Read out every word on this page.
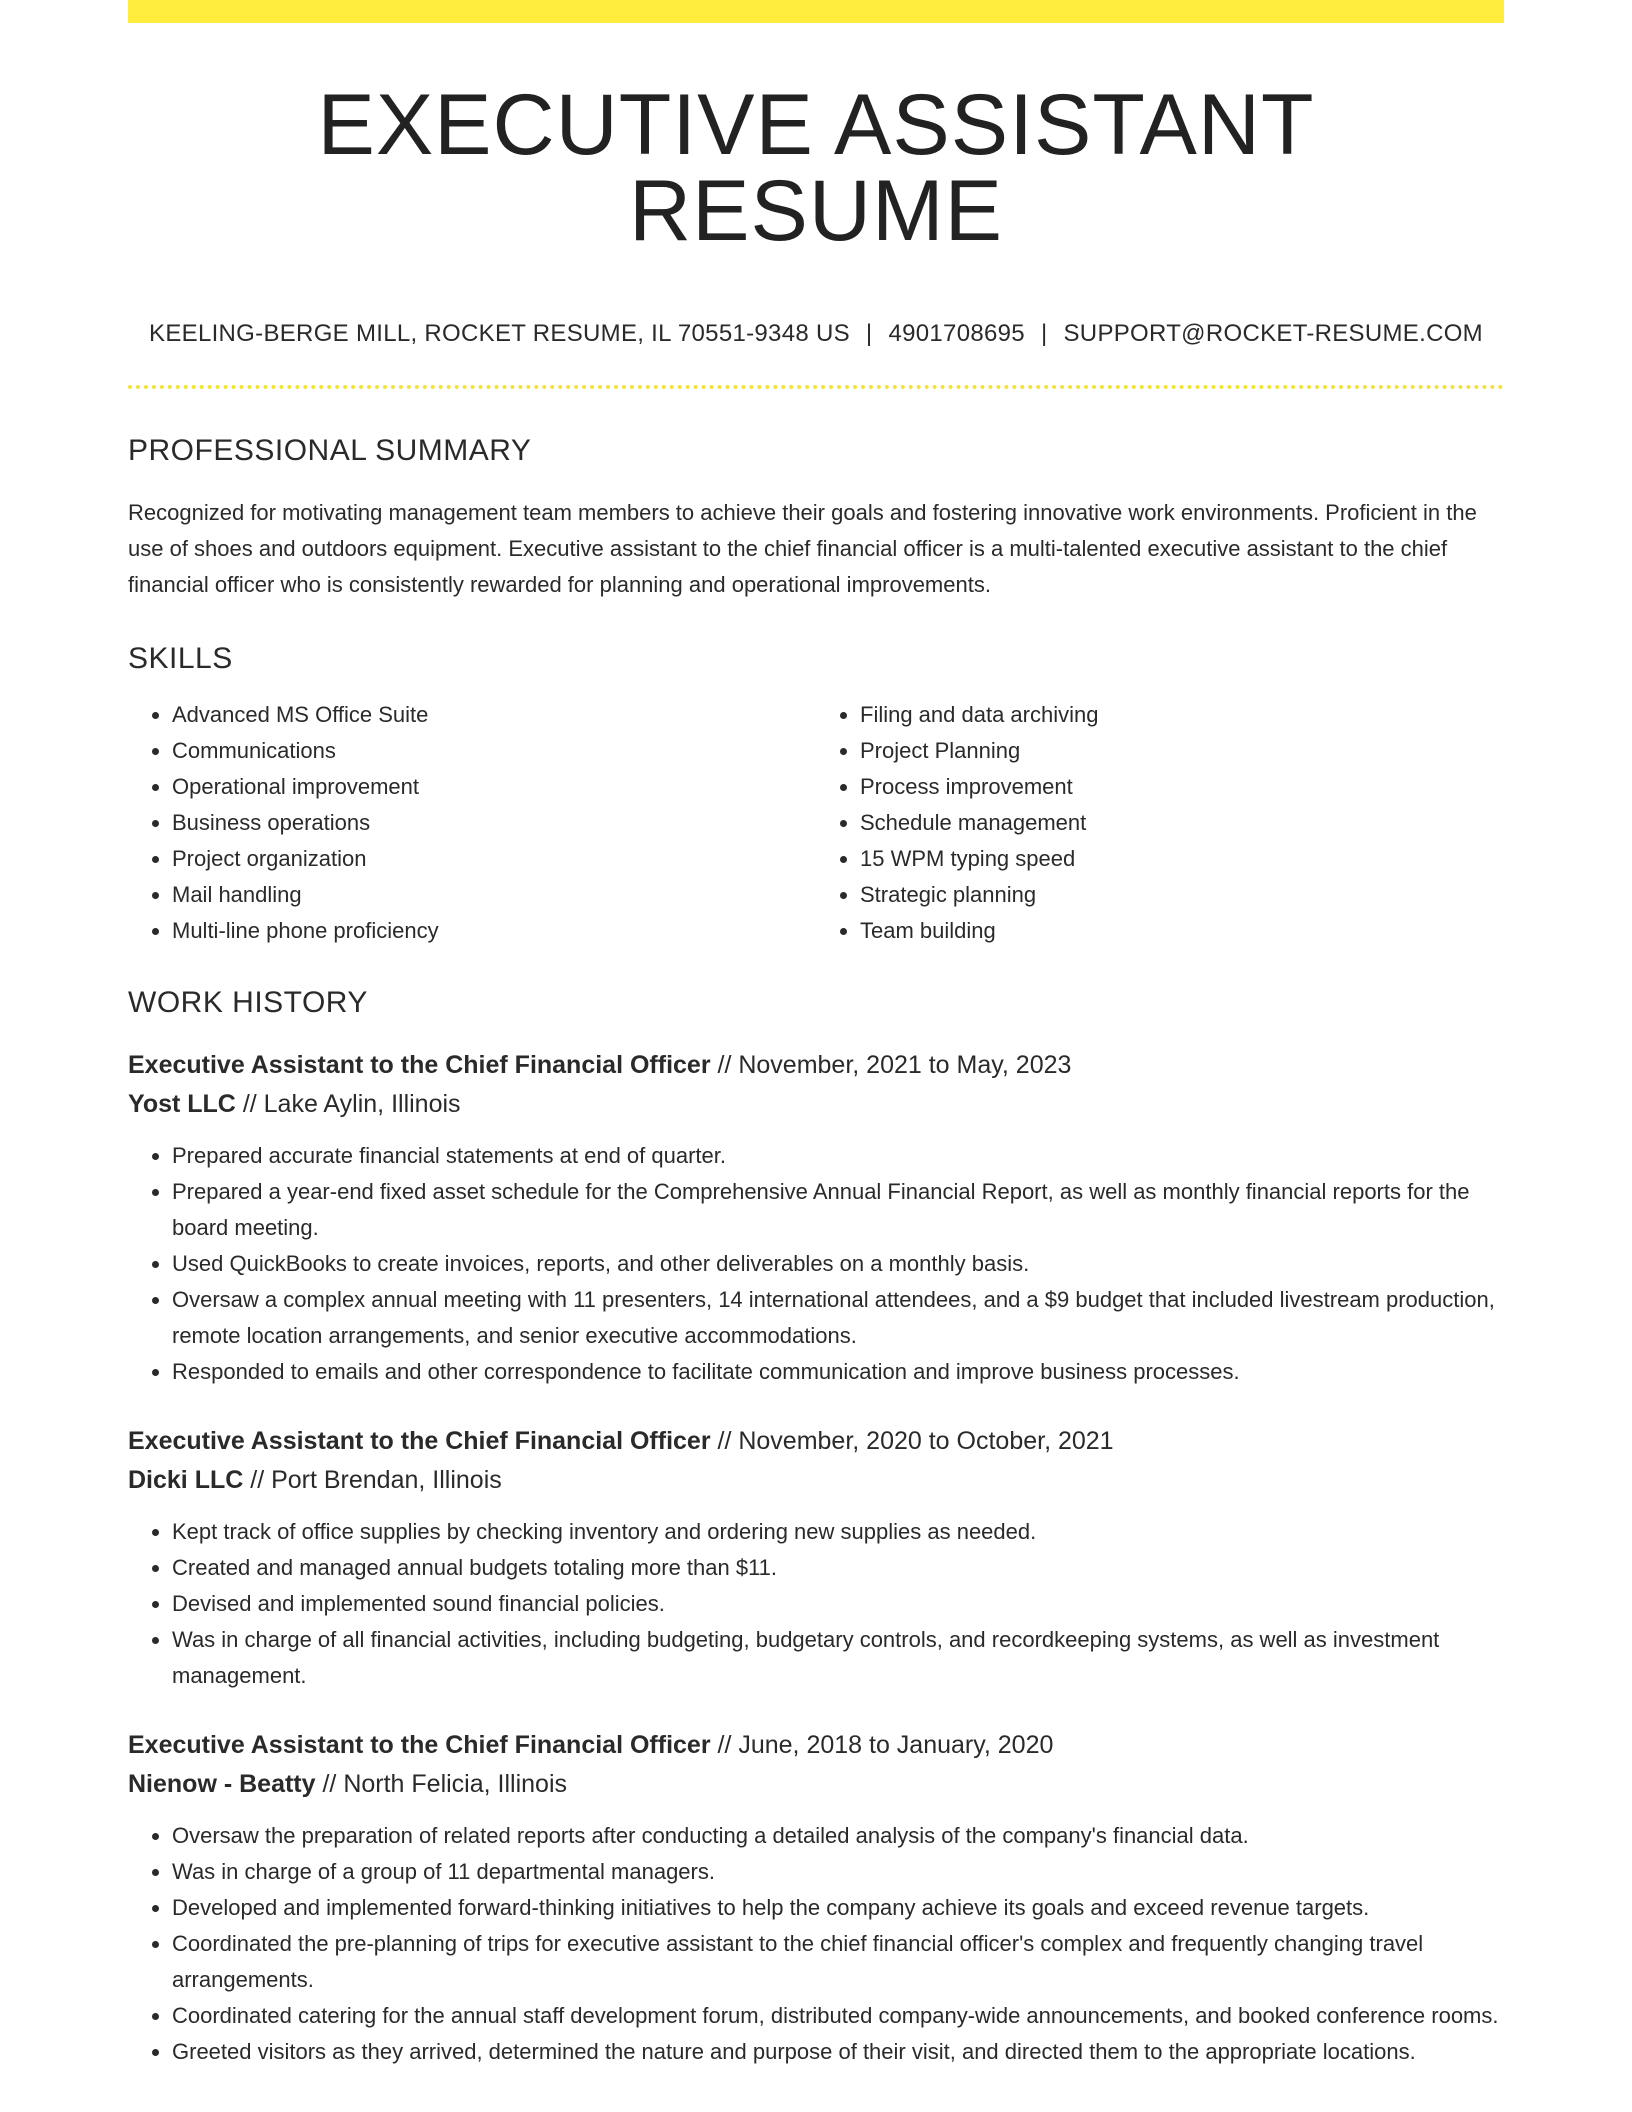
EXECUTIVE ASSISTANT RESUME
KEELING-BERGE MILL, ROCKET RESUME, IL 70551-9348 US | 4901708695 | SUPPORT@ROCKET-RESUME.COM
PROFESSIONAL SUMMARY

Recognized for motivating management team members to achieve their goals and fostering innovative work environments. Proficient in the use of shoes and outdoors equipment. Executive assistant to the chief financial officer is a multi-talented executive assistant to the chief financial officer who is consistently rewarded for planning and operational improvements.

SKILLS
• Advanced MS Office Suite
• Communications
• Operational improvement
• Business operations
• Project organization
• Mail handling
• Multi-line phone proficiency
• Filing and data archiving
• Project Planning
• Process improvement
• Schedule management
• 15 WPM typing speed
• Strategic planning
• Team building
WORK HISTORY
Executive Assistant to the Chief Financial Officer // November, 2021 to May, 2023
Yost LLC // Lake Aylin, Illinois
• Prepared accurate financial statements at end of quarter.
• Prepared a year-end fixed asset schedule for the Comprehensive Annual Financial Report, as well as monthly financial reports for the board meeting.
• Used QuickBooks to create invoices, reports, and other deliverables on a monthly basis.
• Oversaw a complex annual meeting with 11 presenters, 14 international attendees, and a $9 budget that included livestream production, remote location arrangements, and senior executive accommodations.
• Responded to emails and other correspondence to facilitate communication and improve business processes.
Executive Assistant to the Chief Financial Officer // November, 2020 to October, 2021
Dicki LLC // Port Brendan, Illinois
• Kept track of office supplies by checking inventory and ordering new supplies as needed.
• Created and managed annual budgets totaling more than $11.
• Devised and implemented sound financial policies.
• Was in charge of all financial activities, including budgeting, budgetary controls, and recordkeeping systems, as well as investment management.
Executive Assistant to the Chief Financial Officer // June, 2018 to January, 2020
Nienow - Beatty // North Felicia, Illinois
• Oversaw the preparation of related reports after conducting a detailed analysis of the company's financial data.
• Was in charge of a group of 11 departmental managers.
• Developed and implemented forward-thinking initiatives to help the company achieve its goals and exceed revenue targets.
• Coordinated the pre-planning of trips for executive assistant to the chief financial officer's complex and frequently changing travel arrangements.
• Coordinated catering for the annual staff development forum, distributed company-wide announcements, and booked conference rooms.
• Greeted visitors as they arrived, determined the nature and purpose of their visit, and directed them to the appropriate locations.
